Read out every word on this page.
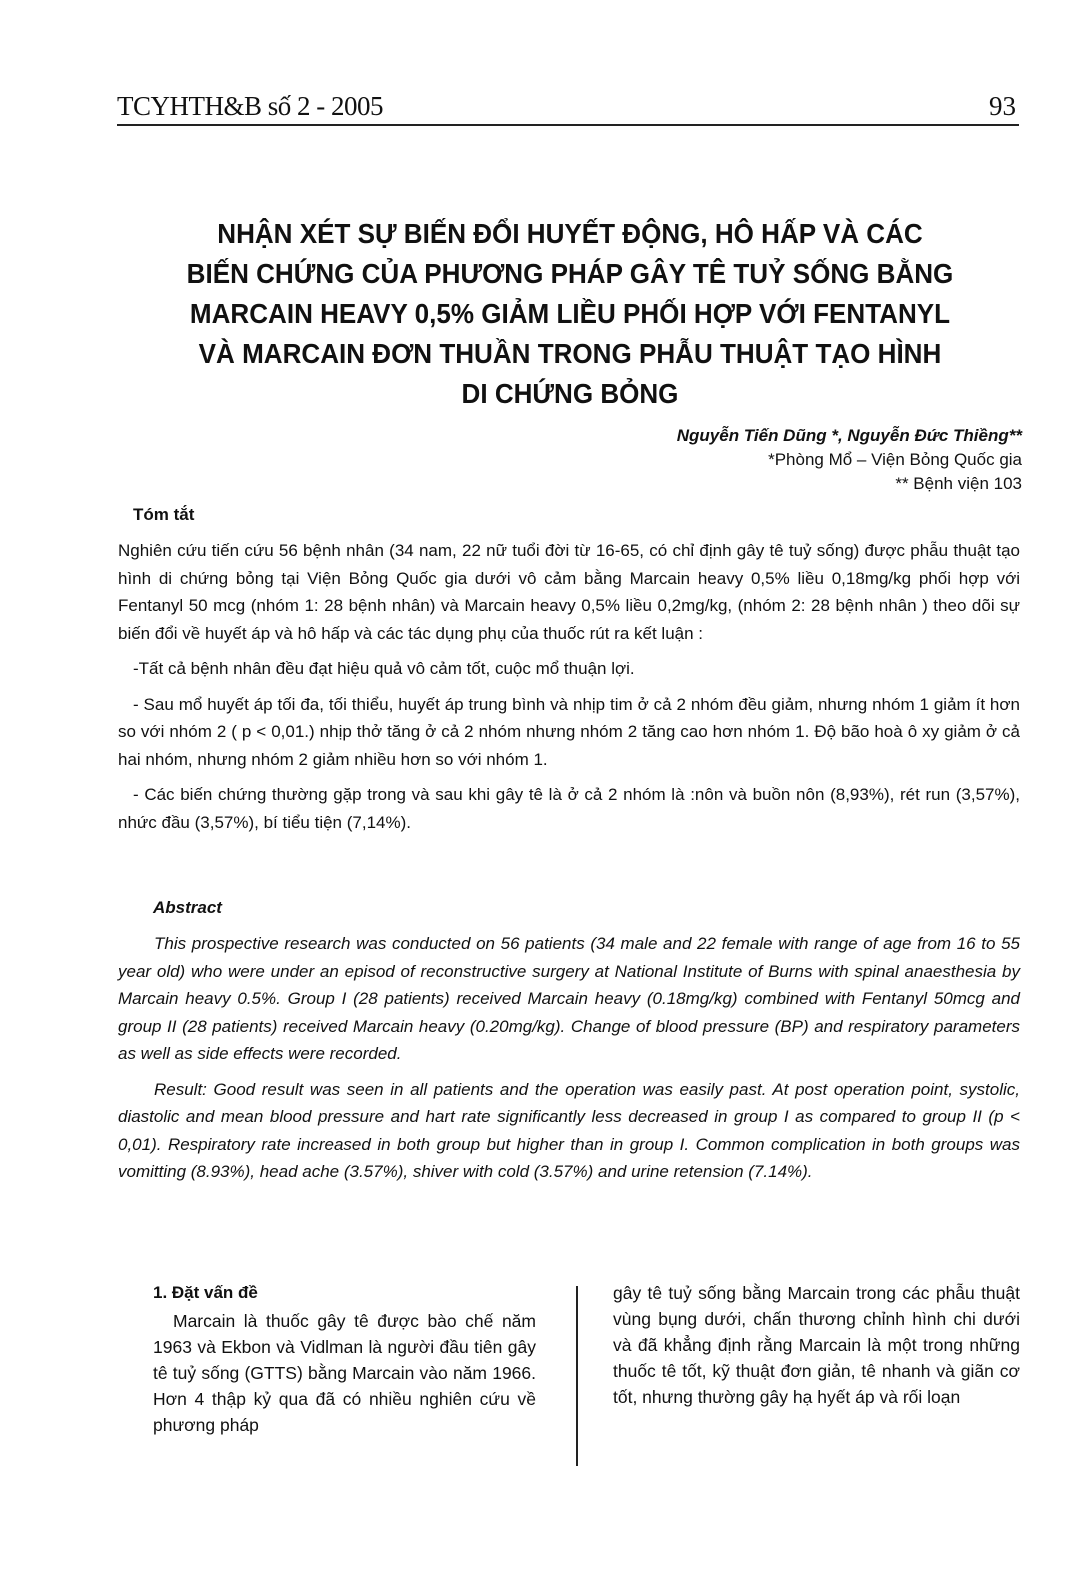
TCYHTH&B số 2 - 2005	93
NHẬN XÉT SỰ BIẾN ĐỔI HUYẾT ĐỘNG, HÔ HẤP VÀ CÁC
BIẾN CHỨNG CỦA PHƯƠNG PHÁP GÂY TÊ TUỶ SỐNG BẰNG
MARCAIN HEAVY 0,5% GIẢM LIỀU PHỐI HỢP VỚI FENTANYL
VÀ MARCAIN ĐƠN THUẦN TRONG PHẪU THUẬT TẠO HÌNH
DI CHỨNG BỎNG
Nguyễn Tiến Dũng *, Nguyễn Đức Thiềng**
*Phòng Mổ – Viện Bỏng Quốc gia
** Bệnh viện 103
Tóm tắt

Nghiên cứu tiến cứu 56 bệnh nhân (34 nam, 22 nữ tuổi đời từ 16-65, có chỉ định gây tê tuỷ sống) được phẫu thuật tạo hình di chứng bỏng tại Viện Bỏng Quốc gia dưới vô cảm bằng Marcain heavy 0,5% liều 0,18mg/kg phối hợp với Fentanyl 50 mcg (nhóm 1: 28 bệnh nhân) và Marcain heavy 0,5% liều 0,2mg/kg, (nhóm 2: 28 bệnh nhân ) theo dõi sự biến đổi về huyết áp và hô hấp và các tác dụng phụ của thuốc rút ra kết luận :

-Tất cả bệnh nhân đều đạt hiệu quả vô cảm tốt, cuộc mổ thuận lợi.

- Sau mổ huyết áp tối đa, tối thiểu, huyết áp trung bình và nhịp tim ở cả 2 nhóm đều giảm, nhưng nhóm 1 giảm ít hơn so với nhóm 2 ( p < 0,01.) nhịp thở tăng ở cả 2 nhóm nhưng nhóm 2 tăng cao hơn nhóm 1. Độ bão hoà ô xy giảm ở cả hai nhóm, nhưng nhóm 2 giảm nhiều hơn so với nhóm 1.

- Các biến chứng thường gặp trong và sau khi gây tê là ở cả 2 nhóm là :nôn và buồn nôn (8,93%), rét run (3,57%), nhức đầu (3,57%), bí tiểu tiện (7,14%).

Abstract

This prospective research was conducted on 56 patients (34 male and 22 female with range of age from 16 to 55 year old) who were under an episod of reconstructive surgery at National Institute of Burns with spinal anaesthesia by Marcain heavy 0.5%. Group I (28 patients) received Marcain heavy (0.18mg/kg) combined with Fentanyl 50mcg and group II (28 patients) received Marcain heavy (0.20mg/kg). Change of blood pressure (BP) and respiratory parameters as well as side effects were recorded.

Result: Good result was seen in all patients and the operation was easily past. At post operation point, systolic, diastolic and mean blood pressure and hart rate significantly less decreased in group I as compared to group II (p < 0,01). Respiratory rate increased in both group but higher than in group I. Common complication in both groups was vomitting (8.93%), head ache (3.57%), shiver with cold (3.57%) and urine retension (7.14%).

1. Đặt vấn đề

Marcain là thuốc gây tê được bào chế năm 1963 và Ekbon và Vidlman là người đầu tiên gây tê tuỷ sống (GTTS) bằng Marcain vào năm 1966. Hơn 4 thập kỷ qua đã có nhiều nghiên cứu về phương pháp

gây tê tuỷ sống bằng Marcain trong các phẫu thuật vùng bụng dưới, chấn thương chỉnh hình chi dưới và đã khẳng định rằng Marcain là một trong những thuốc tê tốt, kỹ thuật đơn giản, tê nhanh và giãn cơ tốt, nhưng thường gây hạ hyết áp và rối loạn
